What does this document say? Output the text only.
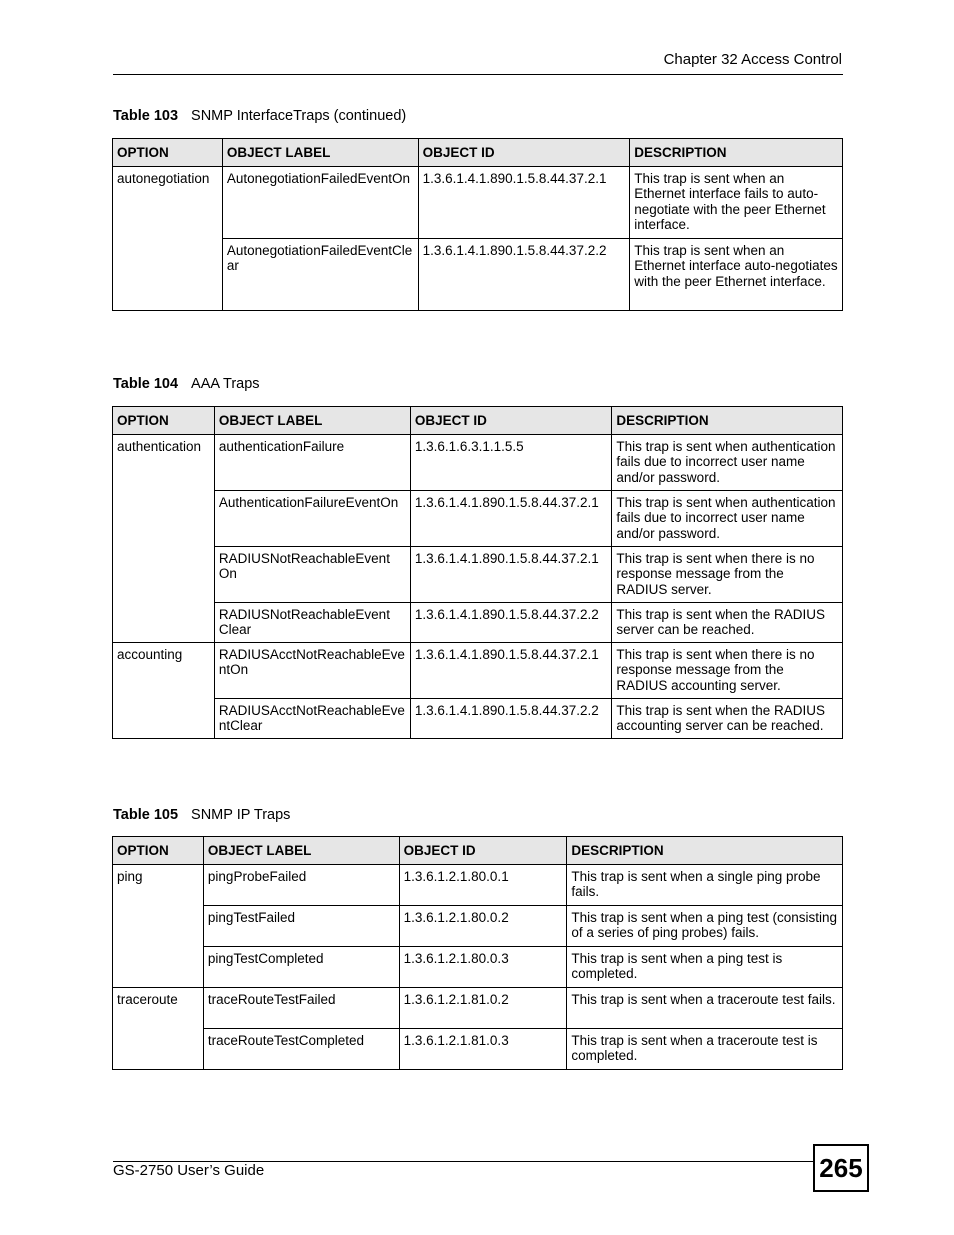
Chapter 32 Access Control
Table 103 SNMP InterfaceTraps (continued)
OPTION	OBJECT LABEL	OBJECT ID	DESCRIPTION
autonegotiation	AutonegotiationFailedEventOn	1.3.6.1.4.1.890.1.5.8.44.37.2.1	This trap is sent when an Ethernet interface fails to auto-negotiate with the peer Ethernet interface.
	AutonegotiationFailedEventClear	1.3.6.1.4.1.890.1.5.8.44.37.2.2	This trap is sent when an Ethernet interface auto-negotiates with the peer Ethernet interface.
Table 104 AAA Traps
OPTION	OBJECT LABEL	OBJECT ID	DESCRIPTION
authentication	authenticationFailure	1.3.6.1.6.3.1.1.5.5	This trap is sent when authentication fails due to incorrect user name and/or password.
	AuthenticationFailureEventOn	1.3.6.1.4.1.890.1.5.8.44.37.2.1	This trap is sent when authentication fails due to incorrect user name and/or password.
	RADIUSNotReachableEventOn	1.3.6.1.4.1.890.1.5.8.44.37.2.1	This trap is sent when there is no response message from the RADIUS server.
	RADIUSNotReachableEventClear	1.3.6.1.4.1.890.1.5.8.44.37.2.2	This trap is sent when the RADIUS server can be reached.
accounting	RADIUSAcctNotReachableEventOn	1.3.6.1.4.1.890.1.5.8.44.37.2.1	This trap is sent when there is no response message from the RADIUS accounting server.
	RADIUSAcctNotReachableEventClear	1.3.6.1.4.1.890.1.5.8.44.37.2.2	This trap is sent when the RADIUS accounting server can be reached.
Table 105 SNMP IP Traps
OPTION	OBJECT LABEL	OBJECT ID	DESCRIPTION
ping	pingProbeFailed	1.3.6.1.2.1.80.0.1	This trap is sent when a single ping probe fails.
	pingTestFailed	1.3.6.1.2.1.80.0.2	This trap is sent when a ping test (consisting of a series of ping probes) fails.
	pingTestCompleted	1.3.6.1.2.1.80.0.3	This trap is sent when a ping test is completed.
traceroute	traceRouteTestFailed	1.3.6.1.2.1.81.0.2	This trap is sent when a traceroute test fails.
	traceRouteTestCompleted	1.3.6.1.2.1.81.0.3	This trap is sent when a traceroute test is completed.
GS-2750 User’s Guide	265
